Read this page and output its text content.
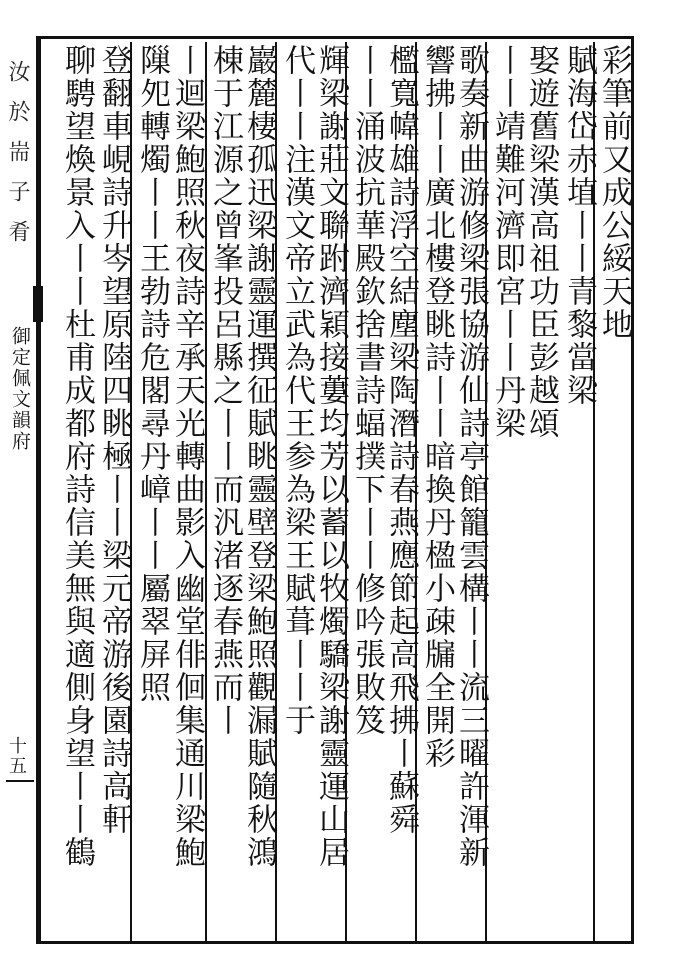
汝於耑子肴
御定佩文韻府
十五
彩筆前又成公綏天地
賦海岱赤埴丨丨青黎當梁
娶遊舊梁漢高祖功臣彭越頌
丨丨靖難河濟即宮丨丨丹梁
歌奏新曲游修梁張協游仙詩亭館籠雲構丨丨流三曜許渾新
響拂丨丨廣北樓登眺詩丨丨暗換丹楹小疎牖全開彩
檻寬幃雄詩浮空結塵梁陶潛詩春燕應節起高飛拂丨蘇舜
丨丨涌波抗華殿欽捨書詩蝠撲下丨丨修吟張敗笈
輝梁謝莊文聯跗濟穎接蔞均芳以蓄以牧燭驕梁謝靈運山居
代丨丨注漢文帝立武為代王参為梁王賦葺丨丨于
巖麓棲孤迅梁謝靈運撰征賦眺靈壁登梁鮑照觀漏賦隨秋鴻
棟于江源之曾峯投呂縣之丨丨而汎渚逐春燕而丨
丨迴梁鮑照秋夜詩辛承天光轉曲影入幽堂俳佪集通川梁鮑
隟夗轉燭丨丨王勃詩危閣尋丹嶂丨丨屬翠屏照
登翻車峴詩升岑望原陸四眺極丨丨梁元帝游後園詩高軒
聊騁望煥景入丨丨杜甫成都府詩信美無與適側身望丨丨鶴
